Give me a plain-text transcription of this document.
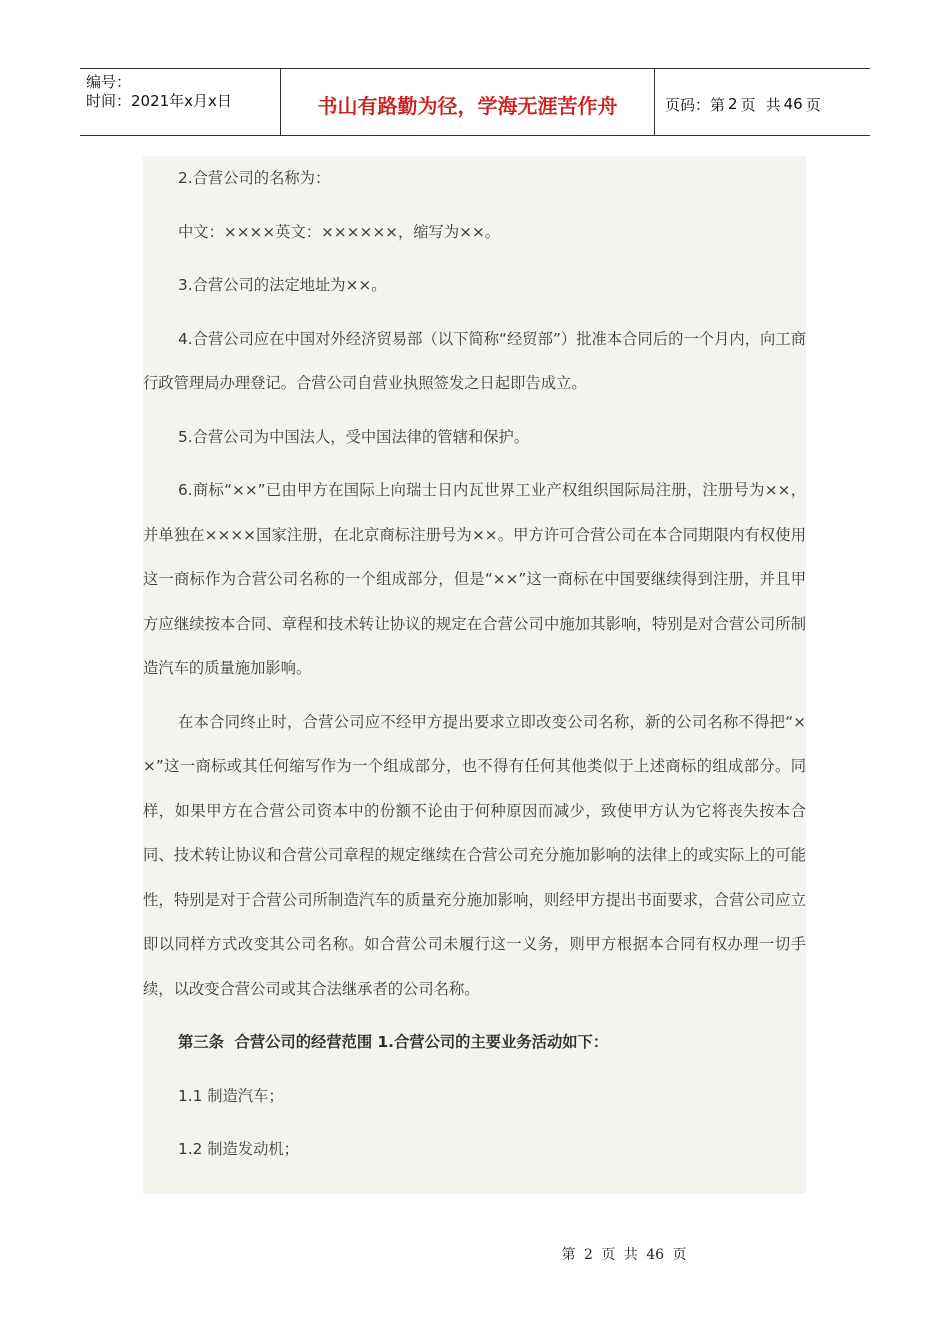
编号：
时间：2021年x月x日	书山有路勤为径，学海无涯苦作舟	页码：第 2 页 共 46 页

2.合营公司的名称为：

中文：××××英文：××××××，缩写为××。

3.合营公司的法定地址为××。

4.合营公司应在中国对外经济贸易部（以下简称“经贸部”）批准本合同后的一个月内，向工商行政管理局办理登记。合营公司自营业执照签发之日起即告成立。

5.合营公司为中国法人，受中国法律的管辖和保护。

6.商标“××”已由甲方在国际上向瑞士日内瓦世界工业产权组织国际局注册，注册号为××，并单独在××××国家注册，在北京商标注册号为××。甲方许可合营公司在本合同期限内有权使用这一商标作为合营公司名称的一个组成部分，但是“××”这一商标在中国要继续得到注册，并且甲方应继续按本合同、章程和技术转让协议的规定在合营公司中施加其影响，特别是对合营公司所制造汽车的质量施加影响。

在本合同终止时，合营公司应不经甲方提出要求立即改变公司名称，新的公司名称不得把“××”这一商标或其任何缩写作为一个组成部分，也不得有任何其他类似于上述商标的组成部分。同样，如果甲方在合营公司资本中的份额不论由于何种原因而减少，致使甲方认为它将丧失按本合同、技术转让协议和合营公司章程的规定继续在合营公司充分施加影响的法律上的或实际上的可能性，特别是对于合营公司所制造汽车的质量充分施加影响，则经甲方提出书面要求，合营公司应立即以同样方式改变其公司名称。如合营公司未履行这一义务，则甲方根据本合同有权办理一切手续，以改变合营公司或其合法继承者的公司名称。

第三条  合营公司的经营范围 1.合营公司的主要业务活动如下：

1.1 制造汽车；

1.2 制造发动机；

第 2 页 共 46 页
